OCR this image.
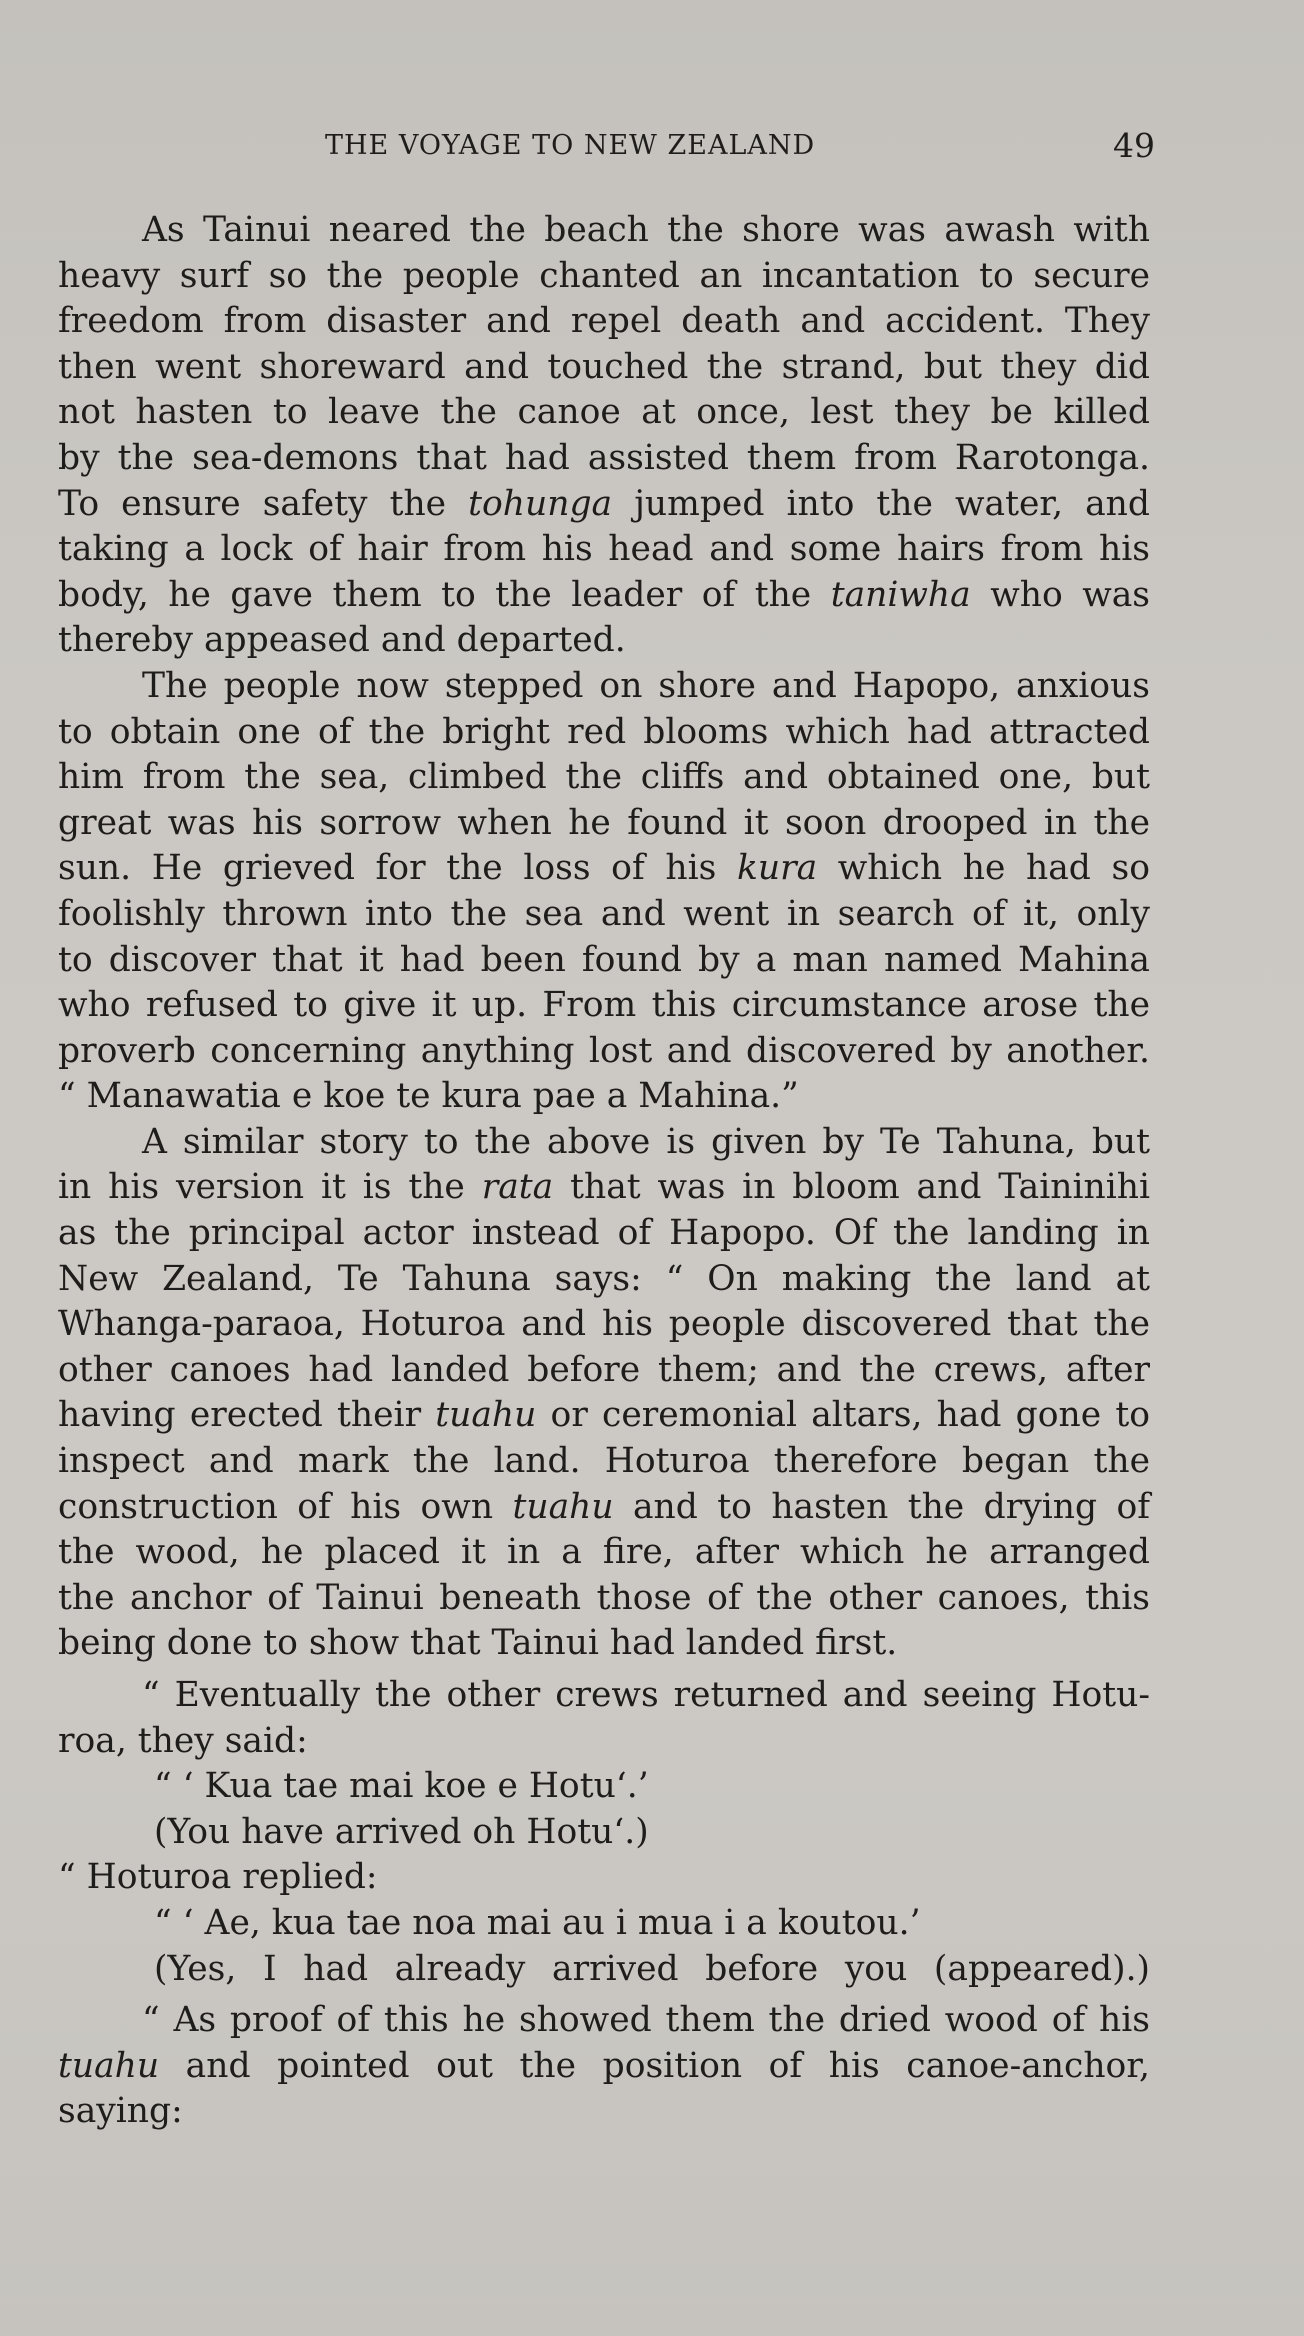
THE VOYAGE TO NEW ZEALAND	49
As Tainui neared the beach the shore was awash with
heavy surf so the people chanted an incantation to secure
freedom from disaster and repel death and accident. They
then went shoreward and touched the strand, but they did
not hasten to leave the canoe at once, lest they be killed
by the sea-demons that had assisted them from Rarotonga.
To ensure safety the tohunga jumped into the water, and
taking a lock of hair from his head and some hairs from his
body, he gave them to the leader of the taniwha who was
thereby appeased and departed.
The people now stepped on shore and Hapopo, anxious
to obtain one of the bright red blooms which had attracted
him from the sea, climbed the cliffs and obtained one, but
great was his sorrow when he found it soon drooped in the
sun. He grieved for the loss of his kura which he had so
foolishly thrown into the sea and went in search of it, only
to discover that it had been found by a man named Mahina
who refused to give it up. From this circumstance arose the
proverb concerning anything lost and discovered by another.
“ Manawatia e koe te kura pae a Mahina.”
A similar story to the above is given by Te Tahuna, but
in his version it is the rata that was in bloom and Taininihi
as the principal actor instead of Hapopo. Of the landing in
New Zealand, Te Tahuna says: “ On making the land at
Whanga-paraoa, Hoturoa and his people discovered that the
other canoes had landed before them; and the crews, after
having erected their tuahu or ceremonial altars, had gone to
inspect and mark the land. Hoturoa therefore began the
construction of his own tuahu and to hasten the drying of
the wood, he placed it in a fire, after which he arranged
the anchor of Tainui beneath those of the other canoes, this
being done to show that Tainui had landed first.
“ Eventually the other crews returned and seeing Hotu-
roa, they said:
“ ‘ Kua tae mai koe e Hotu‘.’
(You have arrived oh Hotu‘.)
“ Hoturoa replied:
“ ‘ Ae, kua tae noa mai au i mua i a koutou.’
(Yes, I had already arrived before you (appeared).)
“ As proof of this he showed them the dried wood of his
tuahu and pointed out the position of his canoe-anchor,
saying:
